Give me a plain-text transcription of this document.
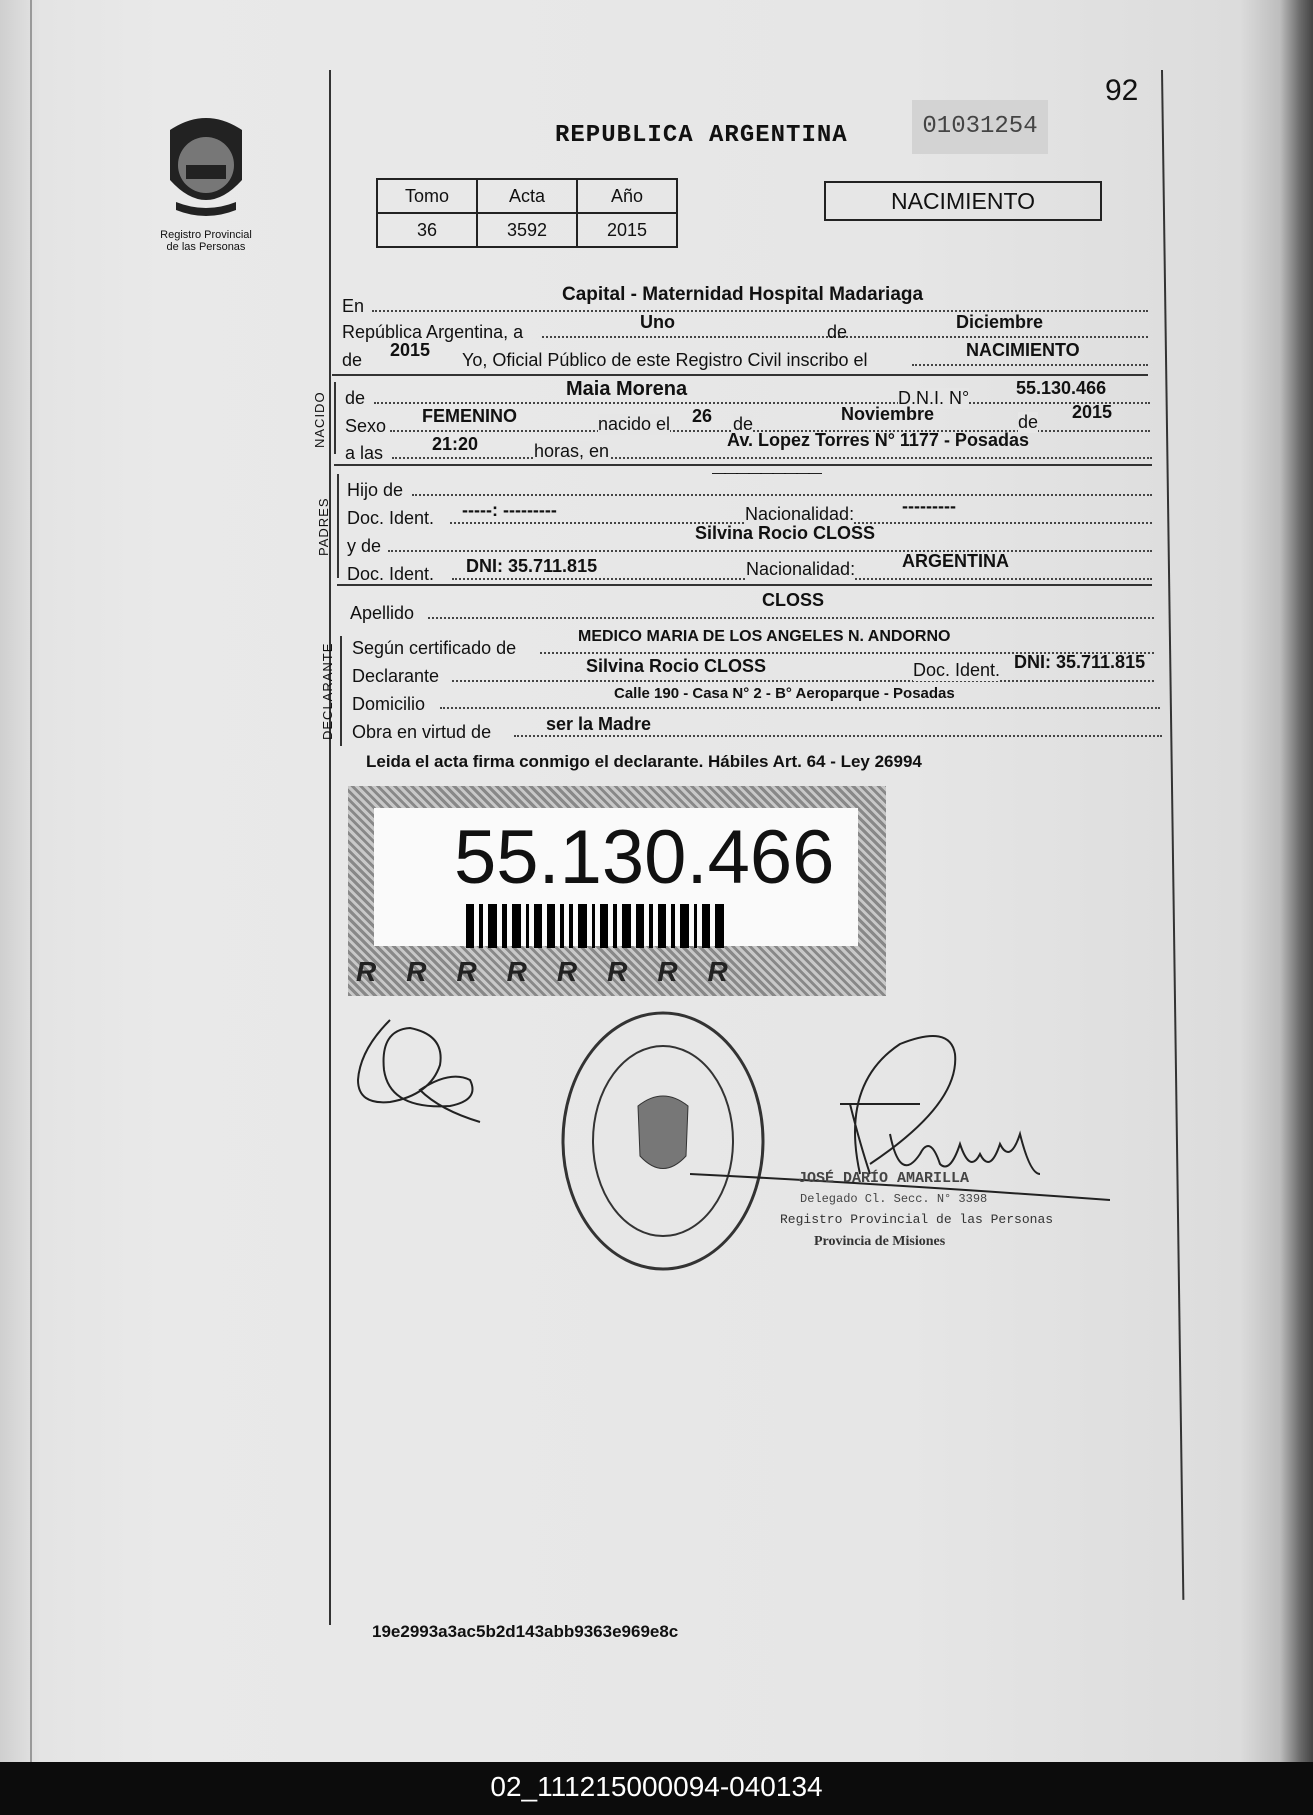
92
Registro Provincial
de las Personas
REPUBLICA ARGENTINA	01031254
Tomo	Acta	Año
36	3592	2015
NACIMIENTO
En
Capital - Maternidad Hospital Madariaga
República Argentina, a	Uno	de	Diciembre
de 2015 Yo, Oficial Público de este Registro Civil inscribo el	NACIMIENTO
NACIDO de	Maia Morena	D.N.I. N°	55.130.466
Sexo FEMENINO	nacido el 26 de	Noviembre	de 2015
a las	21:20	horas, en
Av. Lopez Torres N° 1177 - Posadas
PADRES
Hijo de
—————————
Doc. Ident. -----: ---------	Nacionalidad:	---------
y de
Silvina Rocio CLOSS
Doc. Ident. DNI: 35.711.815	Nacionalidad:	ARGENTINA
Apellido
CLOSS
DECLARANTE Según certificado de
MEDICO MARIA DE LOS ANGELES N. ANDORNO
Declarante	Silvina Rocio CLOSS	Doc. Ident. DNI: 35.711.815
Domicilio
Calle 190 - Casa N° 2 - B° Aeroparque - Posadas
Obra en virtud de	ser la Madre
Leida el acta firma conmigo el declarante. Hábiles Art. 64 - Ley 26994
55.130.466
RRRRRRRR
JOSÉ DARÍO AMARILLA
Delegado Cl. Secc. N° 3398
Registro Provincial de las Personas
Provincia de Misiones
19e2993a3ac5b2d143abb9363e969e8c
02_111215000094-040134
